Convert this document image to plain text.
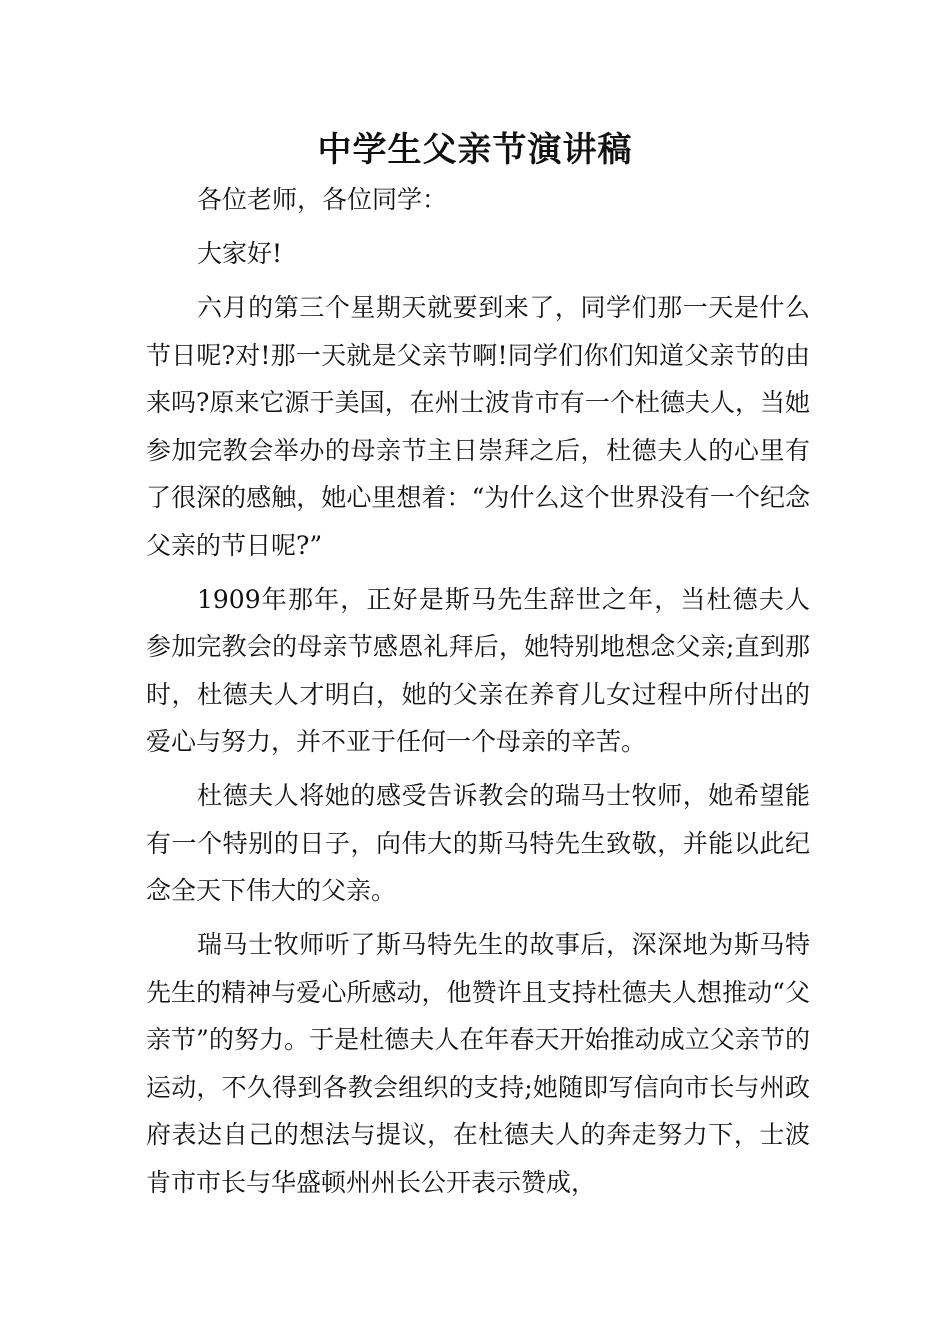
中学生父亲节演讲稿

各位老师，各位同学：

大家好!

六月的第三个星期天就要到来了，同学们那一天是什么节日呢?对!那一天就是父亲节啊!同学们你们知道父亲节的由来吗?原来它源于美国，在州士波肯市有一个杜德夫人，当她参加完教会举办的母亲节主日崇拜之后，杜德夫人的心里有了很深的感触，她心里想着：“为什么这个世界没有一个纪念父亲的节日呢?”

1909年那年，正好是斯马先生辞世之年，当杜德夫人参加完教会的母亲节感恩礼拜后，她特别地想念父亲;直到那时，杜德夫人才明白，她的父亲在养育儿女过程中所付出的爱心与努力，并不亚于任何一个母亲的辛苦。

杜德夫人将她的感受告诉教会的瑞马士牧师，她希望能有一个特别的日子，向伟大的斯马特先生致敬，并能以此纪念全天下伟大的父亲。

瑞马士牧师听了斯马特先生的故事后，深深地为斯马特先生的精神与爱心所感动，他赞许且支持杜德夫人想推动“父亲节”的努力。于是杜德夫人在年春天开始推动成立父亲节的运动，不久得到各教会组织的支持;她随即写信向市长与州政府表达自己的想法与提议，在杜德夫人的奔走努力下，士波肯市市长与华盛顿州州长公开表示赞成，
